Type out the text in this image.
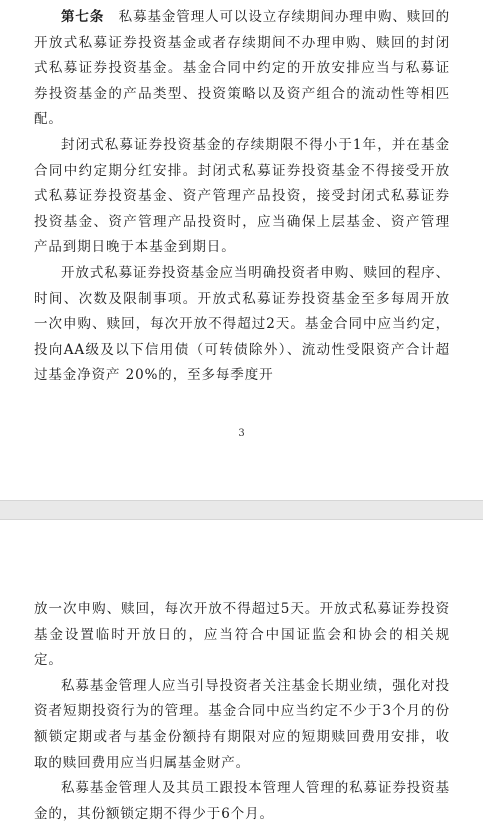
第七条　 私募基金管理人可以设立存续期间办理申购、赎回的开放式私募证券投资基金或者存续期间不办理申购、赎回的封闭式私募证券投资基金。基金合同中约定的开放安排应当与私募证券投资基金的产品类型、投资策略以及资产组合的流动性等相匹配。

封闭式私募证券投资基金的存续期限不得小于1年，并在基金合同中约定期分红安排。封闭式私募证券投资基金不得接受开放式私募证券投资基金、资产管理产品投资，接受封闭式私募证券投资基金、资产管理产品投资时，应当确保上层基金、资产管理产品到期日晚于本基金到期日。

开放式私募证券投资基金应当明确投资者申购、赎回的程序、时间、次数及限制事项。开放式私募证券投资基金至多每周开放一次申购、赎回，每次开放不得超过2天。基金合同中应当约定，投向AA级及以下信用债（可转债除外）、流动性受限资产合计超过基金净资产 20%的，至多每季度开

3

放一次申购、赎回，每次开放不得超过5天。开放式私募证券投资基金设置临时开放日的，应当符合中国证监会和协会的相关规定。

私募基金管理人应当引导投资者关注基金长期业绩，强化对投资者短期投资行为的管理。基金合同中应当约定不少于3个月的份额锁定期或者与基金份额持有期限对应的短期赎回费用安排，收取的赎回费用应当归属基金财产。

私募基金管理人及其员工跟投本管理人管理的私募证券投资基金的，其份额锁定期不得少于6个月。
